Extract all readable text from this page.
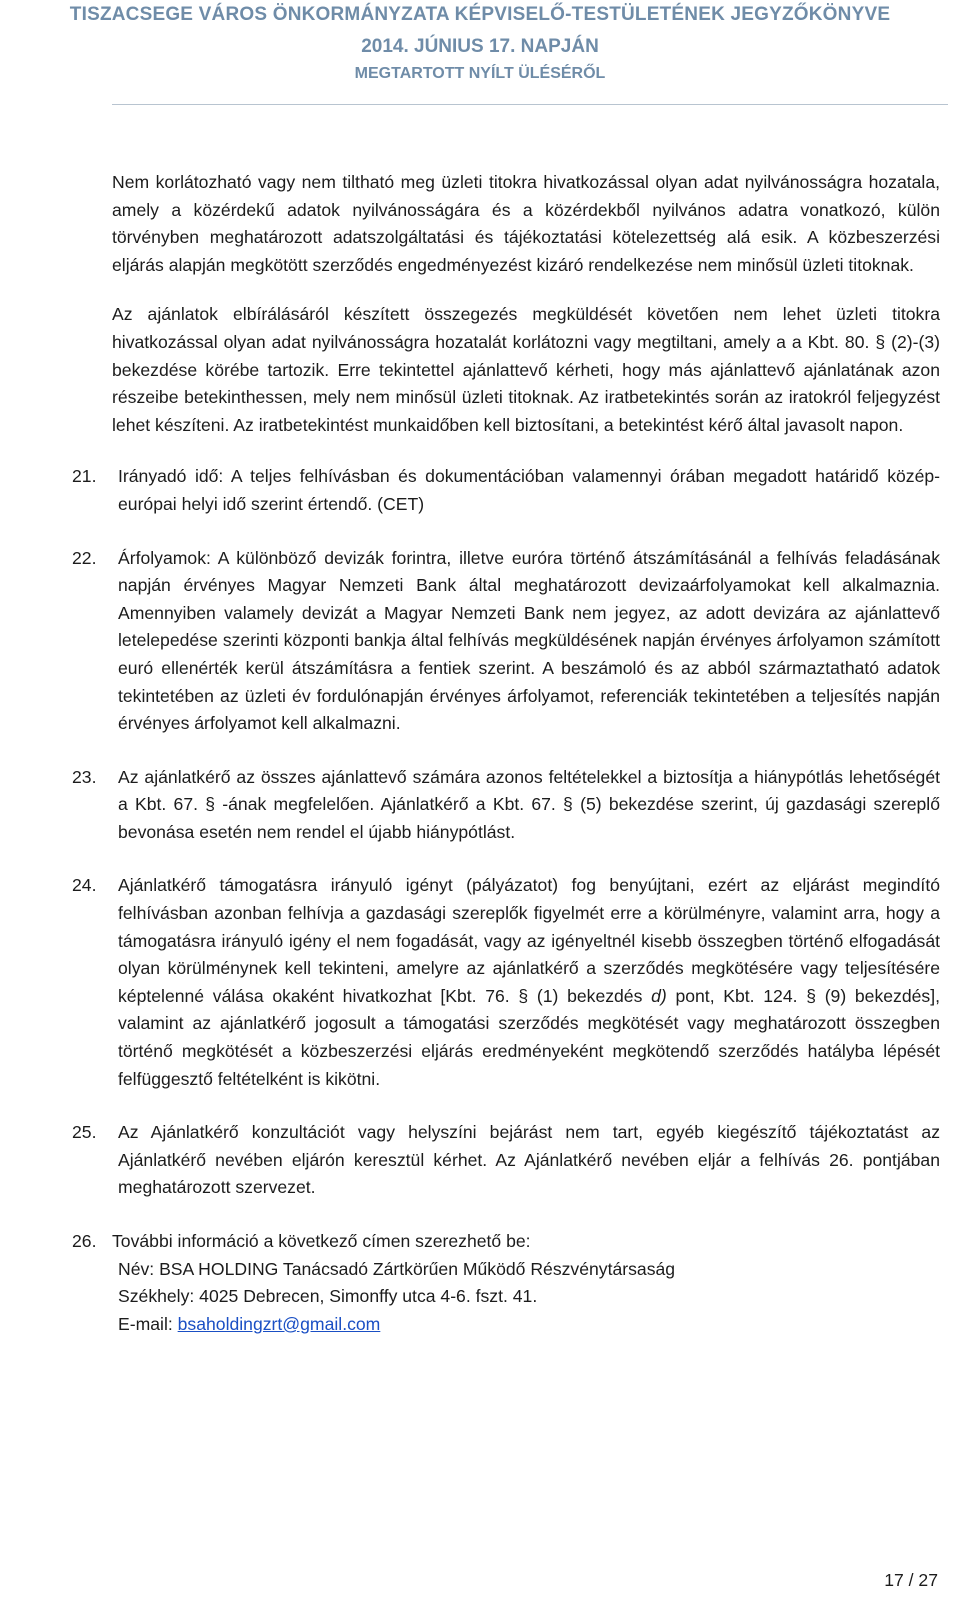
TISZACSEGE VÁROS ÖNKORMÁNYZATA KÉPVISELŐ-TESTÜLETÉNEK JEGYZŐKÖNYVE
2014. JÚNIUS 17. NAPJÁN
MEGTARTOTT NYÍLT ÜLÉSÉRŐL

Nem korlátozható vagy nem tiltható meg üzleti titokra hivatkozással olyan adat nyilvánosságra hozatala, amely a közérdekű adatok nyilvánosságára és a közérdekből nyilvános adatra vonatkozó, külön törvényben meghatározott adatszolgáltatási és tájékoztatási kötelezettség alá esik. A közbeszerzési eljárás alapján megkötött szerződés engedményezést kizáró rendelkezése nem minősül üzleti titoknak.

Az ajánlatok elbírálásáról készített összegezés megküldését követően nem lehet üzleti titokra hivatkozással olyan adat nyilvánosságra hozatalát korlátozni vagy megtiltani, amely a a Kbt. 80. § (2)-(3) bekezdése körébe tartozik. Erre tekintettel ajánlattevő kérheti, hogy más ajánlattevő ajánlatának azon részeibe betekinthessen, mely nem minősül üzleti titoknak. Az iratbetekintés során az iratokról feljegyzést lehet készíteni. Az iratbetekintést munkaidőben kell biztosítani, a betekintést kérő által javasolt napon.

21. Irányadó idő: A teljes felhívásban és dokumentációban valamennyi órában megadott határidő közép-európai helyi idő szerint értendő. (CET)
22. Árfolyamok: A különböző devizák forintra, illetve euróra történő átszámításánál a felhívás feladásának napján érvényes Magyar Nemzeti Bank által meghatározott devizaárfolyamokat kell alkalmaznia. Amennyiben valamely devizát a Magyar Nemzeti Bank nem jegyez, az adott devizára az ajánlattevő letelepedése szerinti központi bankja által felhívás megküldésének napján érvényes árfolyamon számított euró ellenérték kerül átszámításra a fentiek szerint. A beszámoló és az abból származtatható adatok tekintetében az üzleti év fordulónapján érvényes árfolyamot, referenciák tekintetében a teljesítés napján érvényes árfolyamot kell alkalmazni.
23. Az ajánlatkérő az összes ajánlattevő számára azonos feltételekkel a biztosítja a hiánypótlás lehetőségét a Kbt. 67. § -ának megfelelően. Ajánlatkérő a Kbt. 67. § (5) bekezdése szerint, új gazdasági szereplő bevonása esetén nem rendel el újabb hiánypótlást.
24. Ajánlatkérő támogatásra irányuló igényt (pályázatot) fog benyújtani, ezért az eljárást megindító felhívásban azonban felhívja a gazdasági szereplők figyelmét erre a körülményre, valamint arra, hogy a támogatásra irányuló igény el nem fogadását, vagy az igényeltnél kisebb összegben történő elfogadását olyan körülménynek kell tekinteni, amelyre az ajánlatkérő a szerződés megkötésére vagy teljesítésére képtelenné válása okaként hivatkozhat [Kbt. 76. § (1) bekezdés d) pont, Kbt. 124. § (9) bekezdés], valamint az ajánlatkérő jogosult a támogatási szerződés megkötését vagy meghatározott összegben történő megkötését a közbeszerzési eljárás eredményeként megkötendő szerződés hatályba lépését felfüggesztő feltételként is kikötni.
25. Az Ajánlatkérő konzultációt vagy helyszíni bejárást nem tart, egyéb kiegészítő tájékoztatást az Ajánlatkérő nevében eljárón keresztül kérhet. Az Ajánlatkérő nevében eljár a felhívás 26. pontjában meghatározott szervezet.
26. További információ a következő címen szerezhető be:
Név: BSA HOLDING Tanácsadó Zártkörűen Működő Részvénytársaság
Székhely: 4025 Debrecen, Simonffy utca 4-6. fszt. 41.
E-mail: bsaholdingzrt@gmail.com
17 / 27
